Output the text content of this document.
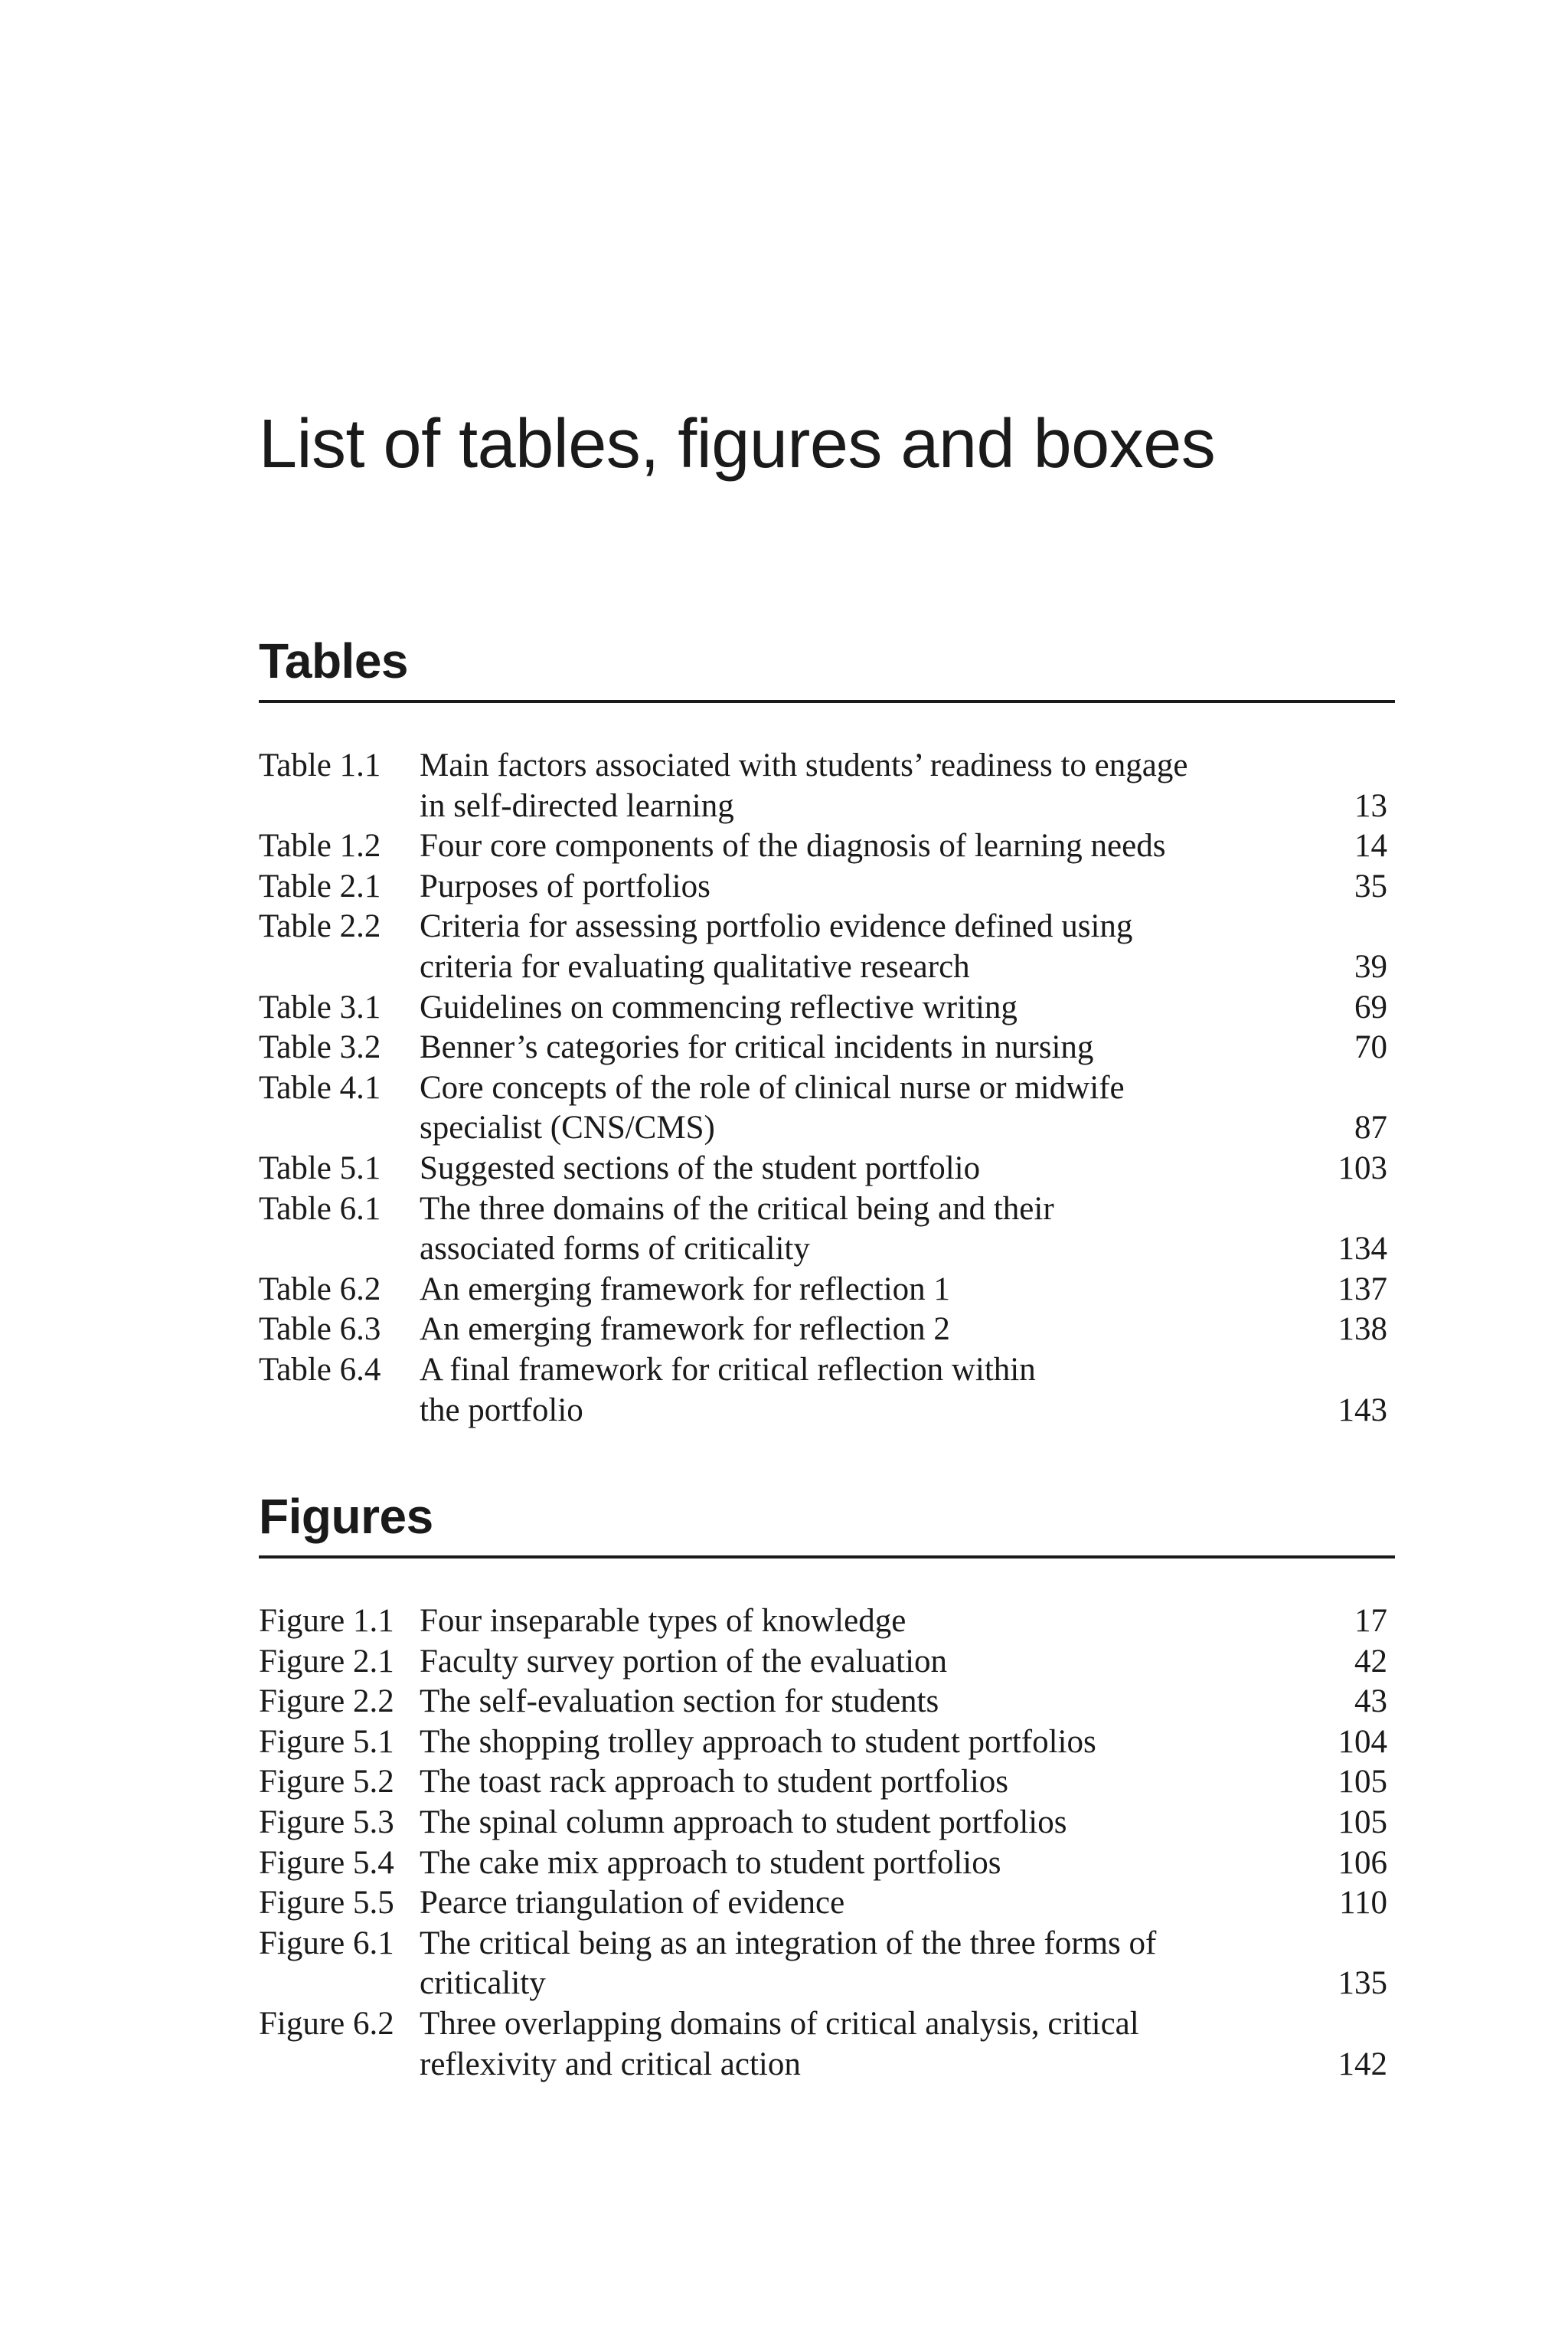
List of tables, figures and boxes
Tables
Table 1.1	Main factors associated with students’ readiness to engage
in self-directed learning	13
Table 1.2	Four core components of the diagnosis of learning needs	14
Table 2.1	Purposes of portfolios	35
Table 2.2	Criteria for assessing portfolio evidence defined using
criteria for evaluating qualitative research	39
Table 3.1	Guidelines on commencing reflective writing	69
Table 3.2	Benner’s categories for critical incidents in nursing	70
Table 4.1	Core concepts of the role of clinical nurse or midwife
specialist (CNS/CMS)	87
Table 5.1	Suggested sections of the student portfolio	103
Table 6.1	The three domains of the critical being and their
associated forms of criticality	134
Table 6.2	An emerging framework for reflection 1	137
Table 6.3	An emerging framework for reflection 2	138
Table 6.4	A final framework for critical reflection within
the portfolio	143
Figures
Figure 1.1 Four inseparable types of knowledge	17
Figure 2.1 Faculty survey portion of the evaluation	42
Figure 2.2 The self-evaluation section for students	43
Figure 5.1 The shopping trolley approach to student portfolios	104
Figure 5.2 The toast rack approach to student portfolios	105
Figure 5.3 The spinal column approach to student portfolios	105
Figure 5.4 The cake mix approach to student portfolios	106
Figure 5.5 Pearce triangulation of evidence	110
Figure 6.1 The critical being as an integration of the three forms of
criticality	135
Figure 6.2 Three overlapping domains of critical analysis, critical
reflexivity and critical action	142
